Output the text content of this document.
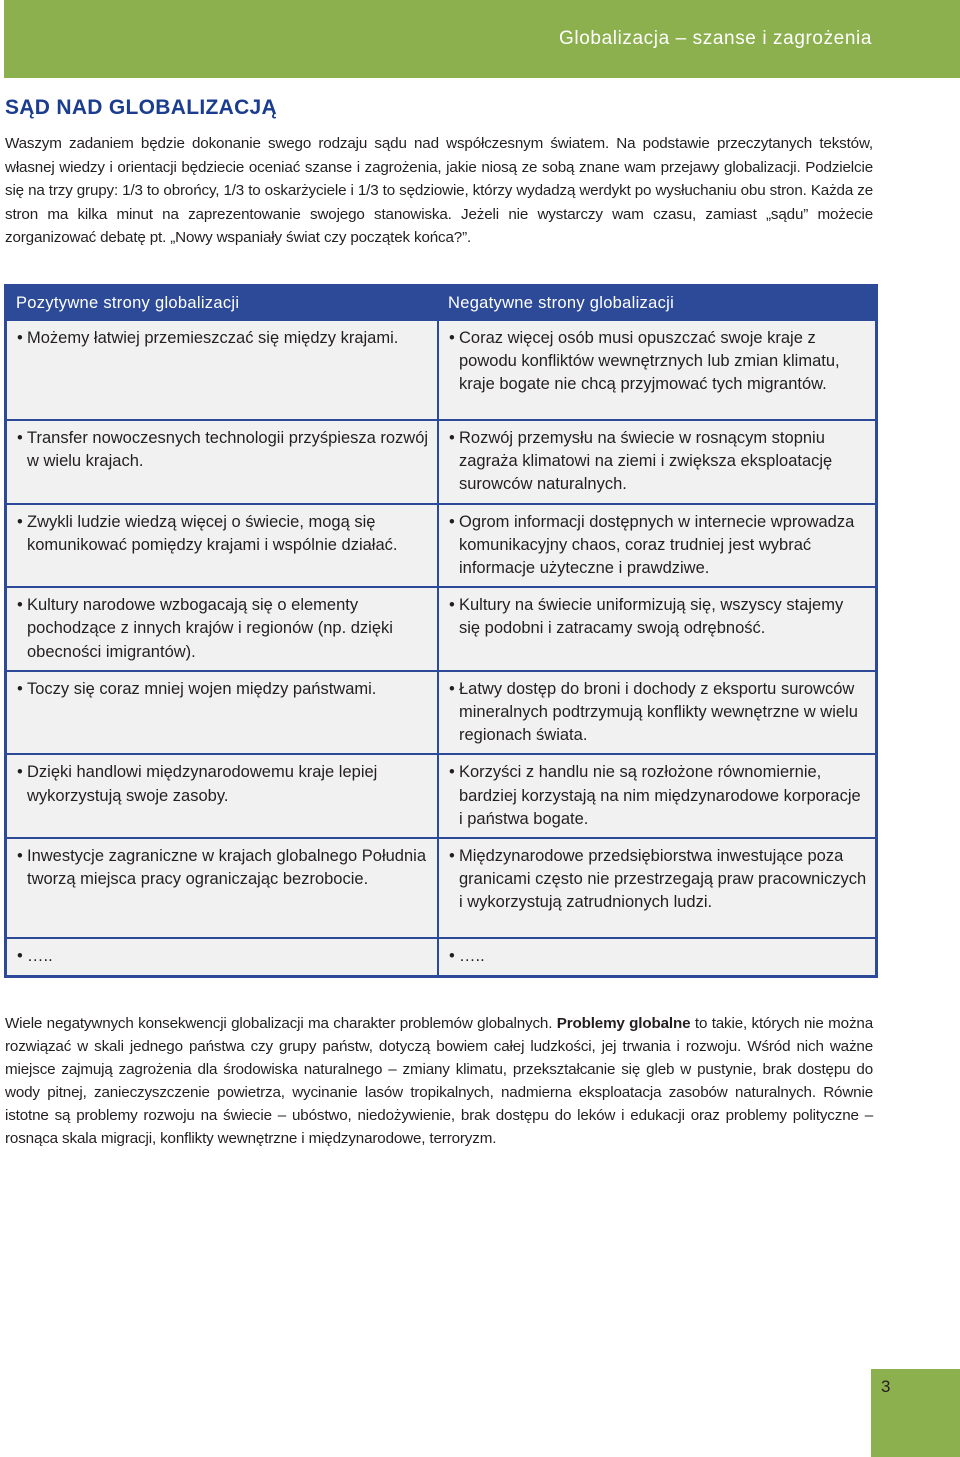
Globalizacja – szanse i zagrożenia
SĄD NAD GLOBALIZACJĄ

Waszym zadaniem będzie dokonanie swego rodzaju sądu nad współczesnym światem. Na podstawie przeczytanych tekstów, własnej wiedzy i orientacji będziecie oceniać szanse i zagrożenia, jakie niosą ze sobą znane wam przejawy globalizacji. Podzielcie się na trzy grupy: 1/3 to obrońcy, 1/3 to oskarżyciele i 1/3 to sędziowie, którzy wydadzą werdykt po wysłuchaniu obu stron. Każda ze stron ma kilka minut na zaprezentowanie swojego stanowiska. Jeżeli nie wystarczy wam czasu, zamiast „sądu” możecie zorganizować debatę pt. „Nowy wspaniały świat czy początek końca?”.

Pozytywne strony globalizacji	Negatywne strony globalizacji

• Możemy łatwiej przemieszczać się między krajami.	• Coraz więcej osób musi opuszczać swoje kraje z powodu konfliktów wewnętrznych lub zmian klimatu, kraje bogate nie chcą przyjmować tych migrantów.

• Transfer nowoczesnych technologii przyśpiesza rozwój w wielu krajach.	• Rozwój przemysłu na świecie w rosnącym stopniu zagraża klimatowi na ziemi i zwiększa eksploatację surowców naturalnych.

• Zwykli ludzie wiedzą więcej o świecie, mogą się komunikować pomiędzy krajami i wspólnie działać.	• Ogrom informacji dostępnych w internecie wprowadza komunikacyjny chaos, coraz trudniej jest wybrać informacje użyteczne i prawdziwe.

• Kultury narodowe wzbogacają się o elementy pochodzące z innych krajów i regionów (np. dzięki obecności imigrantów).	• Kultury na świecie uniformizują się, wszyscy stajemy się podobni i zatracamy swoją odrębność.

• Toczy się coraz mniej wojen między państwami.	• Łatwy dostęp do broni i dochody z eksportu surowców mineralnych podtrzymują konflikty wewnętrzne w wielu regionach świata.

• Dzięki handlowi międzynarodowemu kraje lepiej wykorzystują swoje zasoby.	• Korzyści z handlu nie są rozłożone równomiernie, bardziej korzystają na nim międzynarodowe korporacje i państwa bogate.

• Inwestycje zagraniczne w krajach globalnego Południa tworzą miejsca pracy ograniczając bezrobocie.	• Międzynarodowe przedsiębiorstwa inwestujące poza granicami często nie przestrzegają praw pracowniczych i wykorzystują zatrudnionych ludzi.

• …..	• …..

Wiele negatywnych konsekwencji globalizacji ma charakter problemów globalnych. Problemy globalne to takie, których nie można rozwiązać w skali jednego państwa czy grupy państw, dotyczą bowiem całej ludzkości, jej trwania i rozwoju. Wśród nich ważne miejsce zajmują zagrożenia dla środowiska naturalnego – zmiany klimatu, przekształcanie się gleb w pustynie, brak dostępu do wody pitnej, zanieczyszczenie powietrza, wycinanie lasów tropikalnych, nadmierna eksploatacja zasobów naturalnych. Równie istotne są problemy rozwoju na świecie – ubóstwo, niedożywienie, brak dostępu do leków i edukacji oraz problemy polityczne – rosnąca skala migracji, konflikty wewnętrzne i międzynarodowe, terroryzm.

3
